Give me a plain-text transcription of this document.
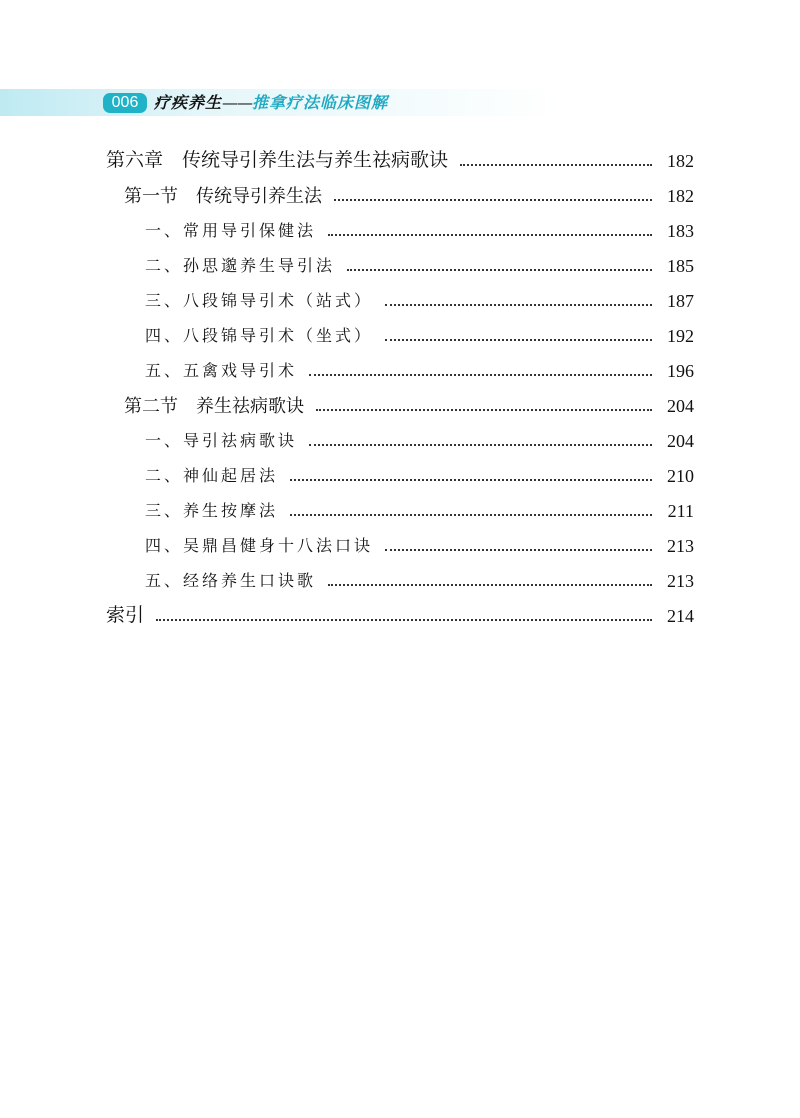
006 疗疾养生——推拿疗法临床图解
第六章　传统导引养生法与养生祛病歌诀	182
第一节　传统导引养生法	182
一、常用导引保健法	183
二、孙思邈养生导引法	185
三、八段锦导引术（站式）	187
四、八段锦导引术（坐式）	192
五、五禽戏导引术	196
第二节　养生祛病歌诀	204
一、导引祛病歌诀	204
二、神仙起居法	210
三、养生按摩法	211
四、吴鼎昌健身十八法口诀	213
五、经络养生口诀歌	213
索引	214
